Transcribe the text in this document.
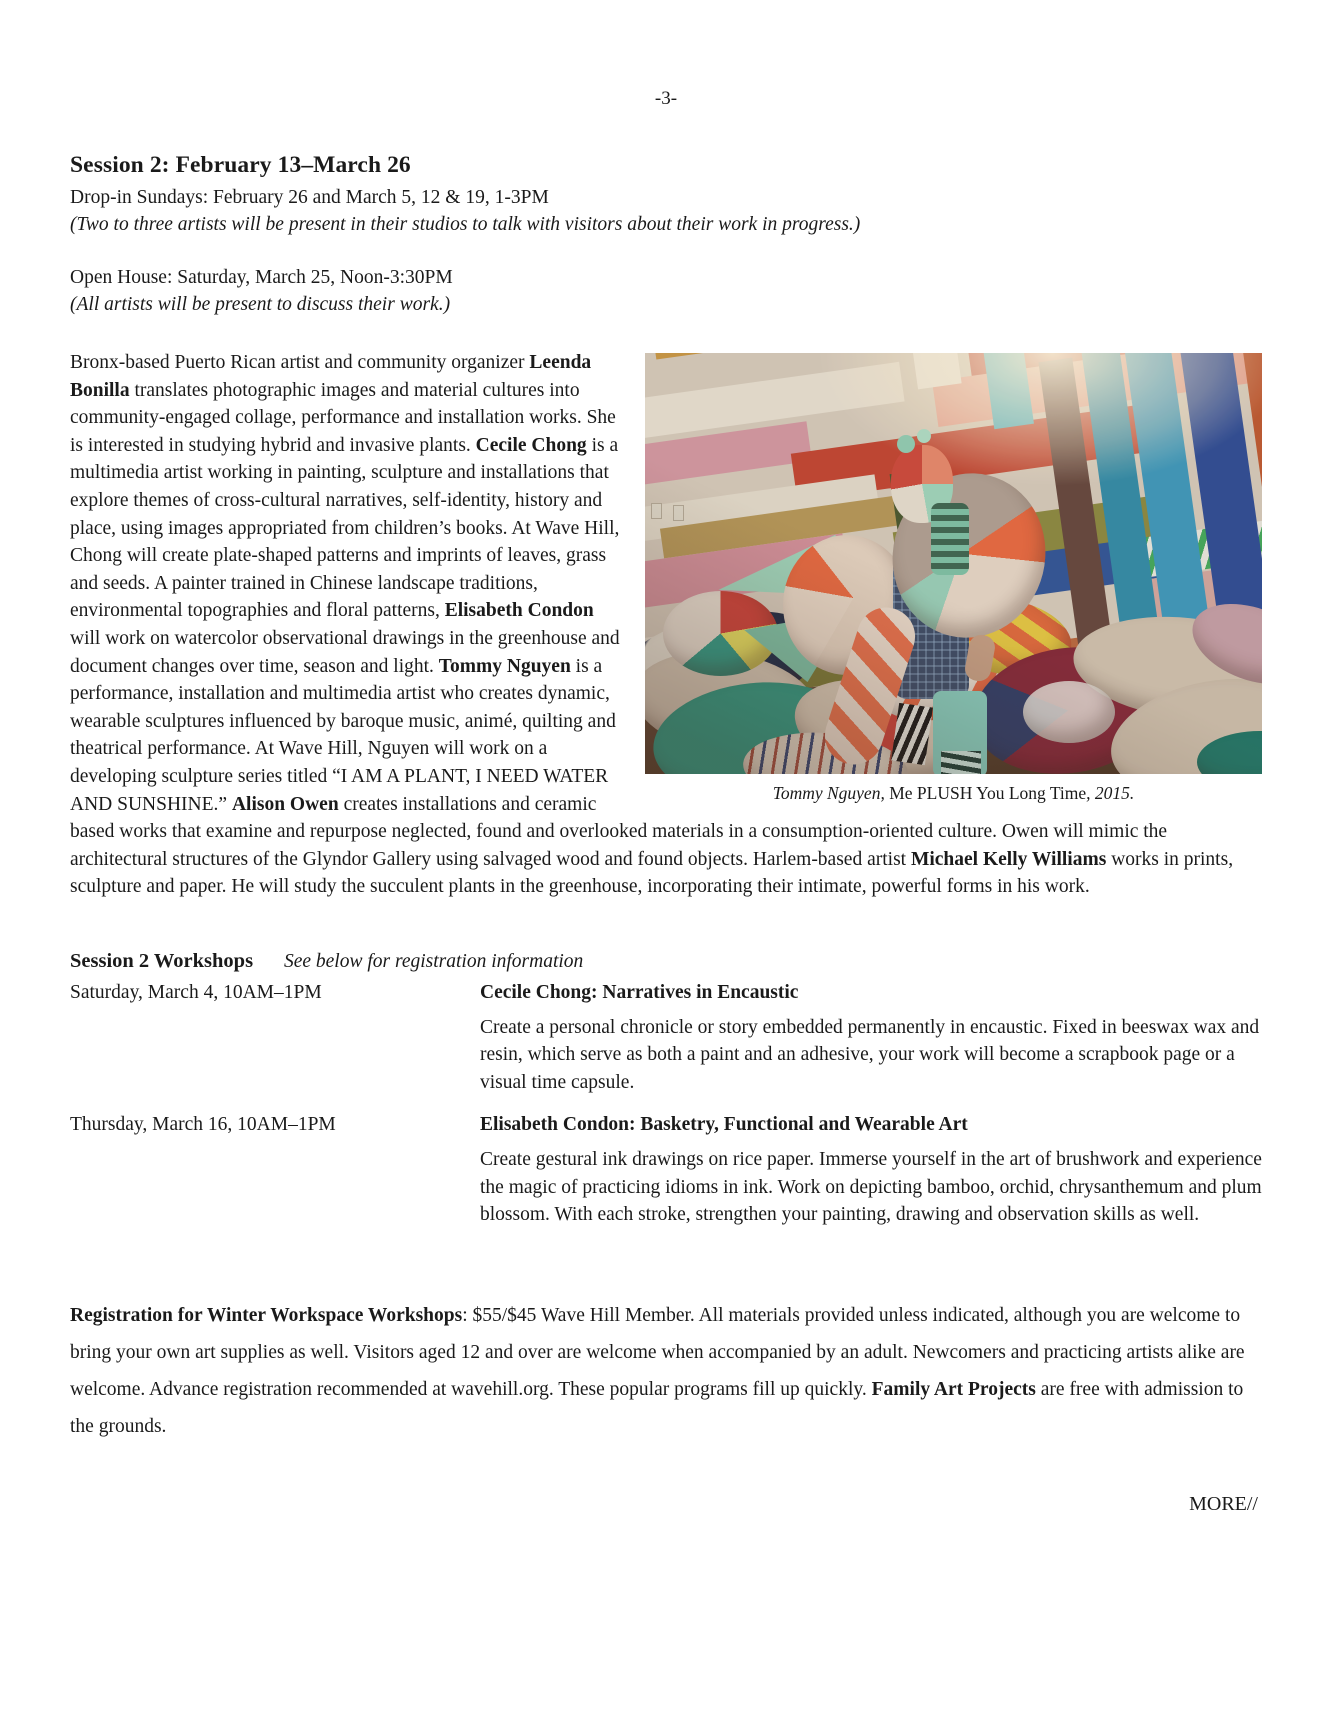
-3-
Session 2: February 13–March 26

Drop-in Sundays: February 26 and March 5, 12 & 19, 1-3PM

(Two to three artists will be present in their studios to talk with visitors about their work in progress.)

Open House: Saturday, March 25, Noon-3:30PM

(All artists will be present to discuss their work.)

Tommy Nguyen, Me PLUSH You Long Time, 2015.

Bronx-based Puerto Rican artist and community organizer Leenda Bonilla translates photographic images and material cultures into community-engaged collage, performance and installation works. She is interested in studying hybrid and invasive plants. Cecile Chong is a multimedia artist working in painting, sculpture and installations that explore themes of cross-cultural narratives, self-identity, history and place, using images appropriated from children’s books. At Wave Hill, Chong will create plate-shaped patterns and imprints of leaves, grass and seeds. A painter trained in Chinese landscape traditions, environmental topographies and floral patterns, Elisabeth Condon will work on watercolor observational drawings in the greenhouse and document changes over time, season and light. Tommy Nguyen is a performance, installation and multimedia artist who creates dynamic, wearable sculptures influenced by baroque music, animé, quilting and theatrical performance. At Wave Hill, Nguyen will work on a developing sculpture series titled “I AM A PLANT, I NEED WATER AND SUNSHINE.” Alison Owen creates installations and ceramic based works that examine and repurpose neglected, found and overlooked materials in a consumption-oriented culture. Owen will mimic the architectural structures of the Glyndor Gallery using salvaged wood and found objects. Harlem-based artist Michael Kelly Williams works in prints, sculpture and paper. He will study the succulent plants in the greenhouse, incorporating their intimate, powerful forms in his work.

Session 2 Workshops See below for registration information
Saturday, March 4, 10AM–1PM	Cecile Chong: Narratives in Encaustic
Create a personal chronicle or story embedded permanently in encaustic. Fixed in beeswax wax and resin, which serve as both a paint and an adhesive, your work will become a scrapbook page or a visual time capsule.
Thursday, March 16, 10AM–1PM	Elisabeth Condon: Basketry, Functional and Wearable Art
Create gestural ink drawings on rice paper. Immerse yourself in the art of brushwork and experience the magic of practicing idioms in ink. Work on depicting bamboo, orchid, chrysanthemum and plum blossom. With each stroke, strengthen your painting, drawing and observation skills as well.

Registration for Winter Workspace Workshops: $55/$45 Wave Hill Member. All materials provided unless indicated, although you are welcome to bring your own art supplies as well. Visitors aged 12 and over are welcome when accompanied by an adult. Newcomers and practicing artists alike are welcome. Advance registration recommended at wavehill.org. These popular programs fill up quickly. Family Art Projects are free with admission to the grounds.

MORE//
